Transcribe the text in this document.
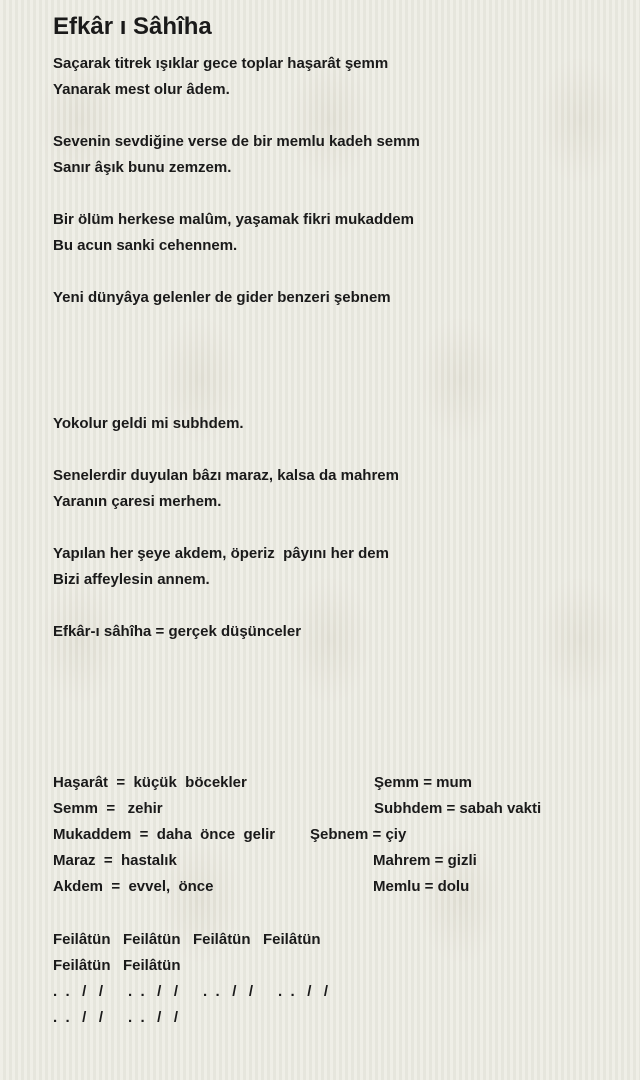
Efkâr ı Sâhîha
Saçarak titrek ışıklar gece toplar haşarât şemm
Yanarak mest olur âdem.
Sevenin sevdiğine verse de bir memlu kadeh semm
Sanır âşık bunu zemzem.
Bir ölüm herkese malûm, yaşamak fikri mukaddem
Bu acun sanki cehennem.
Yeni dünyâya gelenler de gider benzeri şebnem
Yokolur geldi mi subhdem.
Senelerdir duyulan bâzı maraz, kalsa da mahrem
Yaranın çaresi merhem.
Yapılan her şeye akdem, öperiz  pâyını her dem
Bizi affeylesin annem.
Efkâr-ı sâhîha = gerçek düşünceler
Haşarât  =  küçük  böcekler	Şemm = mum
Semm  =   zehir	Subhdem = sabah vakti
Mukaddem  =  daha  önce  gelir Şebnem = çiy
Maraz  =  hastalık	Mahrem = gizli
Akdem  =  evvel,  önce	Memlu = dolu
Feilâtün   Feilâtün   Feilâtün   Feilâtün
Feilâtün   Feilâtün
.  .   /   /      .  .   /   /      .  .   /   /      .  .   /   /
.  .   /   /      .  .   /   /
